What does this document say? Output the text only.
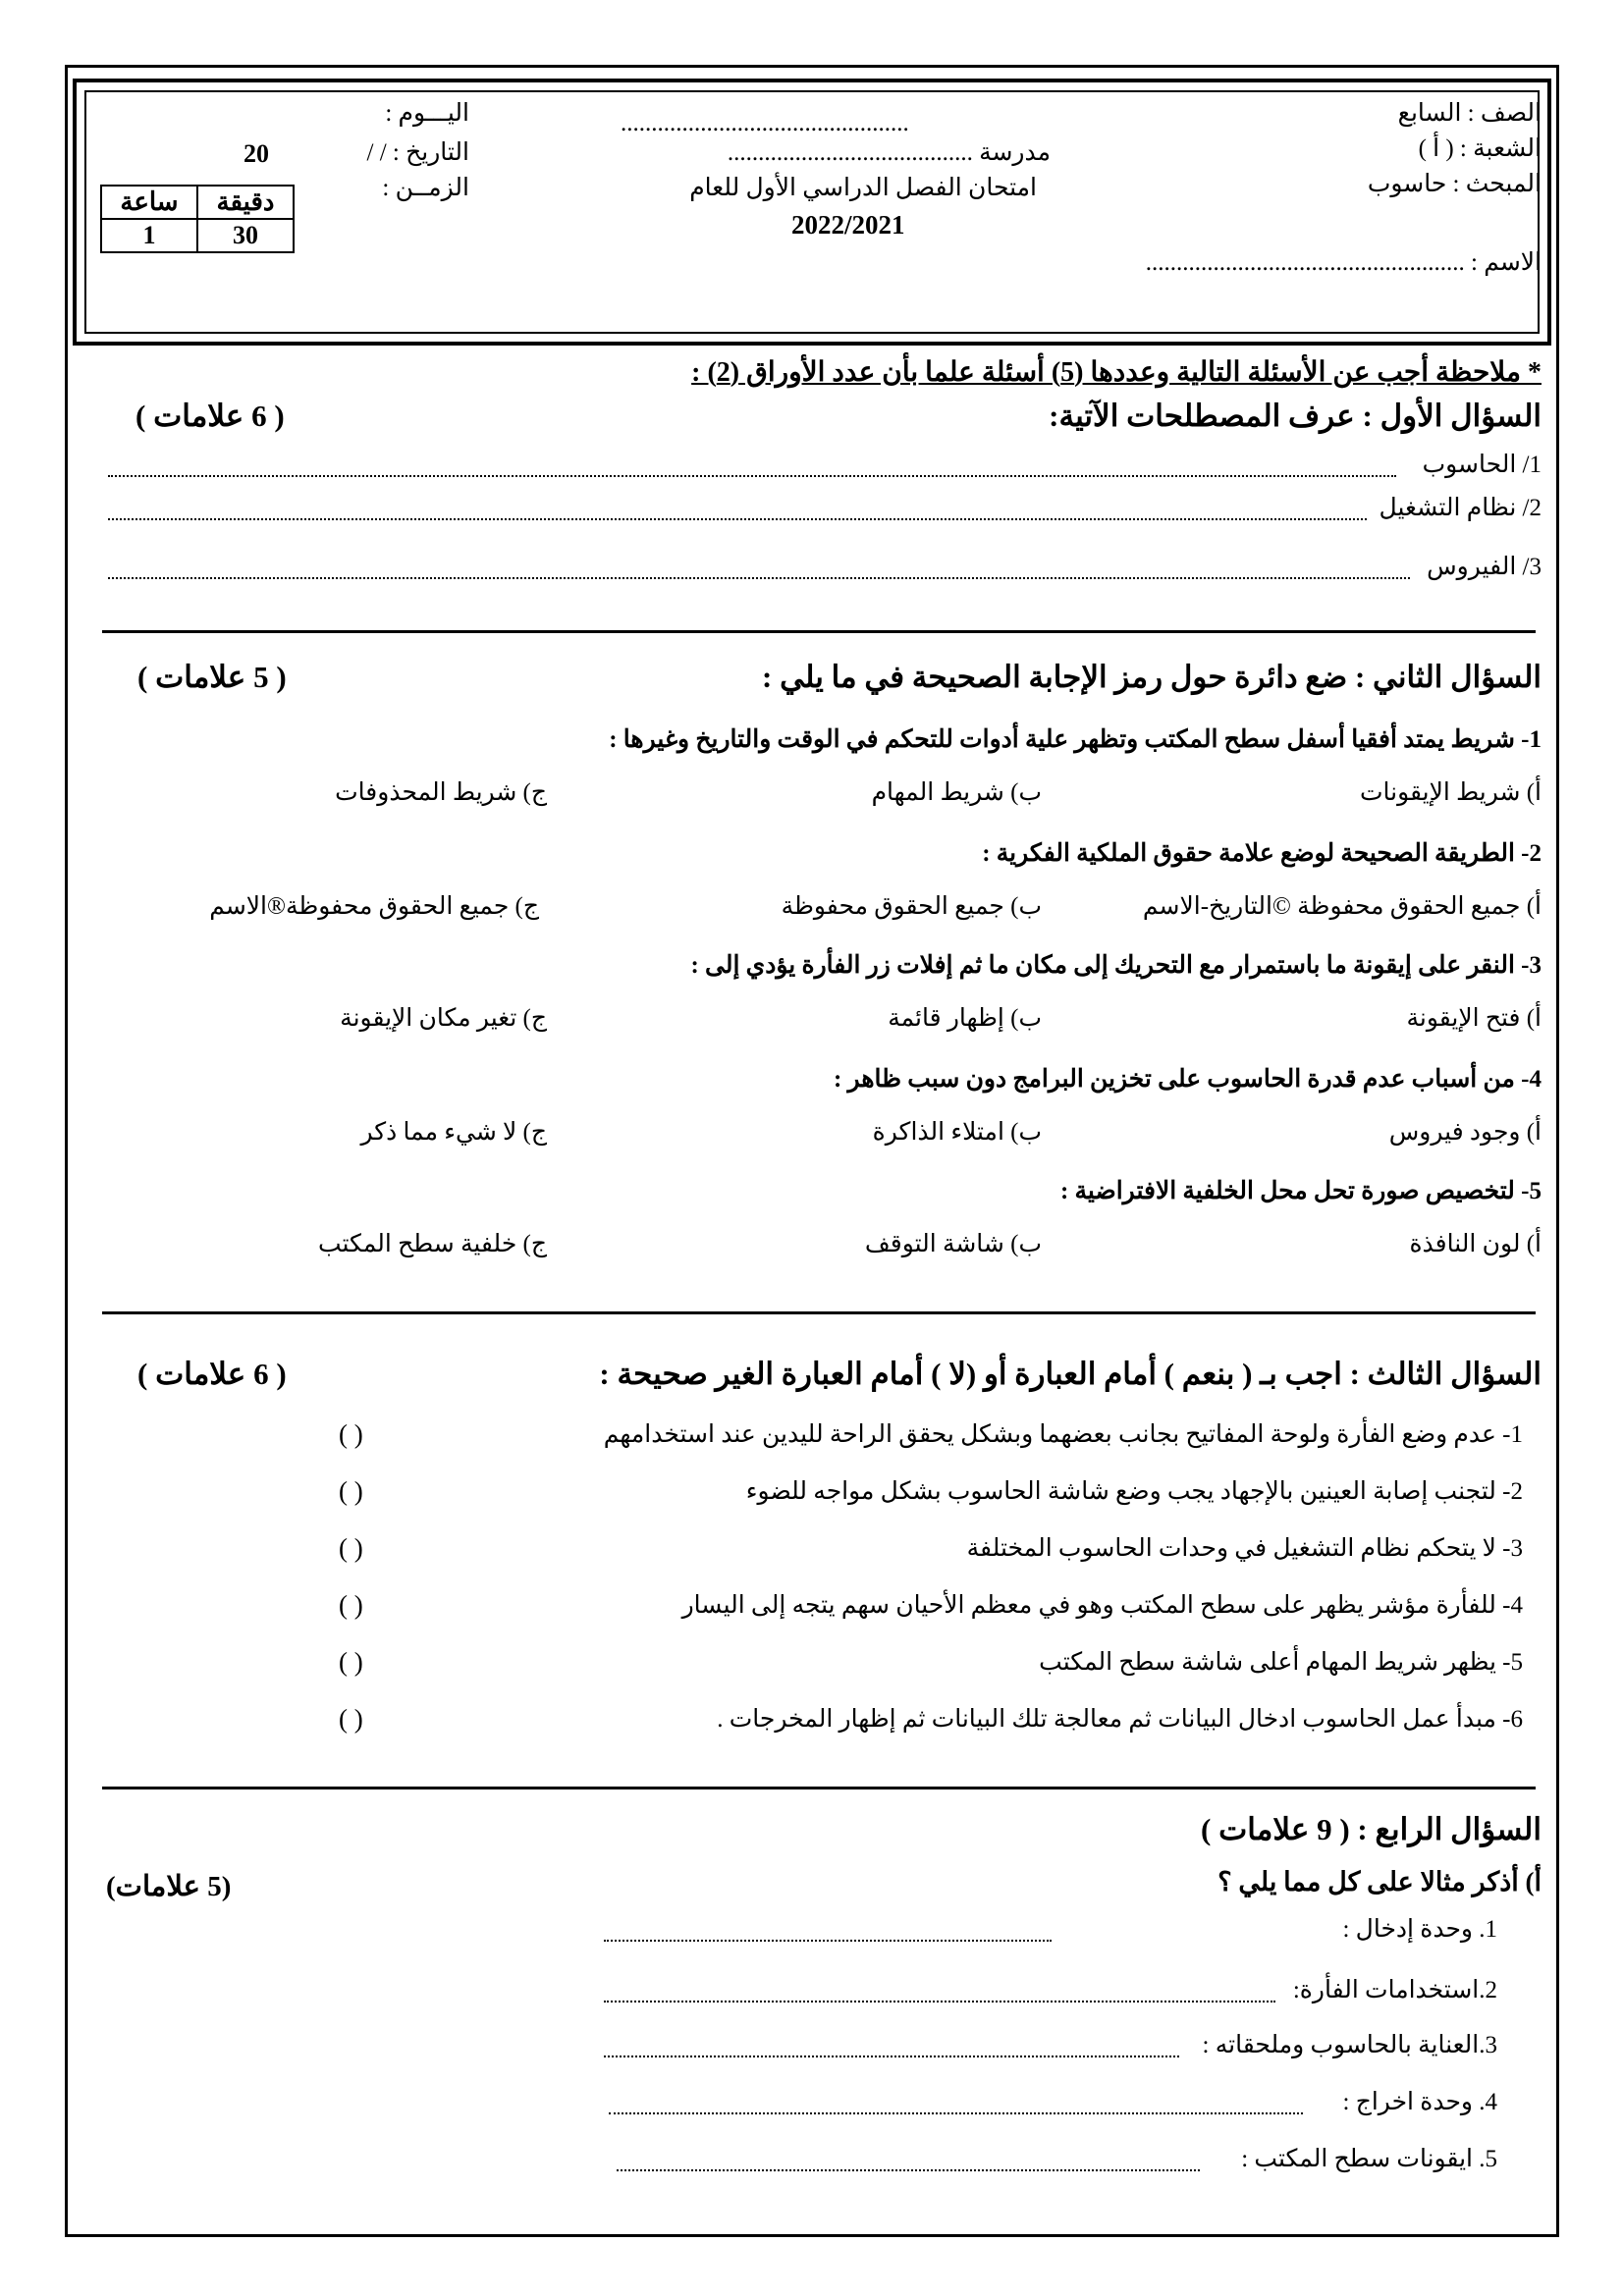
الصف : السابع
الشعبة : ( أ )
المبحث : حاسوب
الاسم : ....................................................
...............................................
مدرسة ........................................
امتحان الفصل الدراسي الأول للعام
2022/2021
اليـــوم :
التاريخ : / /
20
الزمــن :
ساعة	دقيقة
1	30
* ملاحظة أجب عن الأسئلة التالية وعددها (5) أسئلة علما بأن عدد الأوراق (2) :
السؤال الأول : عرف المصطلحات الآتية:
( 6 علامات )
1/ الحاسوب
2/ نظام التشغيل
3/ الفيروس
السؤال الثاني : ضع دائرة حول رمز الإجابة الصحيحة في ما يلي :
( 5 علامات )
1- شريط يمتد أفقيا أسفل سطح المكتب وتظهر علية أدوات للتحكم في الوقت والتاريخ وغيرها :
أ) شريط الإيقونات
ب) شريط المهام
ج) شريط المحذوفات
2- الطريقة الصحيحة لوضع علامة حقوق الملكية الفكرية :
أ) جميع الحقوق محفوظة ©التاريخ-الاسم
ب) جميع الحقوق محفوظة
ج) جميع الحقوق محفوظة®الاسم
3- النقر على إيقونة ما باستمرار مع التحريك إلى مكان ما ثم إفلات زر الفأرة يؤدي إلى :
أ) فتح الإيقونة
ب) إظهار قائمة
ج) تغير مكان الإيقونة
4- من أسباب عدم قدرة الحاسوب على تخزين البرامج دون سبب ظاهر :
أ) وجود فيروس
ب) امتلاء الذاكرة
ج) لا شيء مما ذكر
5- لتخصيص صورة تحل محل الخلفية الافتراضية :
أ) لون النافذة
ب) شاشة التوقف
ج) خلفية سطح المكتب
السؤال الثالث : اجب بـ ( بنعم ) أمام العبارة أو (لا ) أمام العبارة الغير صحيحة :
( 6 علامات )
1- عدم وضع الفأرة ولوحة المفاتيح بجانب بعضهما وبشكل يحقق الراحة لليدين عند استخدامهم
( )
2- لتجنب إصابة العينين بالإجهاد يجب وضع شاشة الحاسوب بشكل مواجه للضوء
( )
3- لا يتحكم نظام التشغيل في وحدات الحاسوب المختلفة
( )
4- للفأرة مؤشر يظهر على سطح المكتب وهو في معظم الأحيان سهم يتجه إلى اليسار
( )
5- يظهر شريط المهام أعلى شاشة سطح المكتب
( )
6- مبدأ عمل الحاسوب ادخال البيانات ثم معالجة تلك البيانات ثم إظهار المخرجات .
( )
السؤال الرابع : ( 9 علامات )
أ) أذكر مثالا على كل مما يلي ؟
(5 علامات)
1. وحدة إدخال :
2.استخدامات الفأرة:
3.العناية بالحاسوب وملحقاته :
4. وحدة اخراج :
5. ايقونات سطح المكتب :
